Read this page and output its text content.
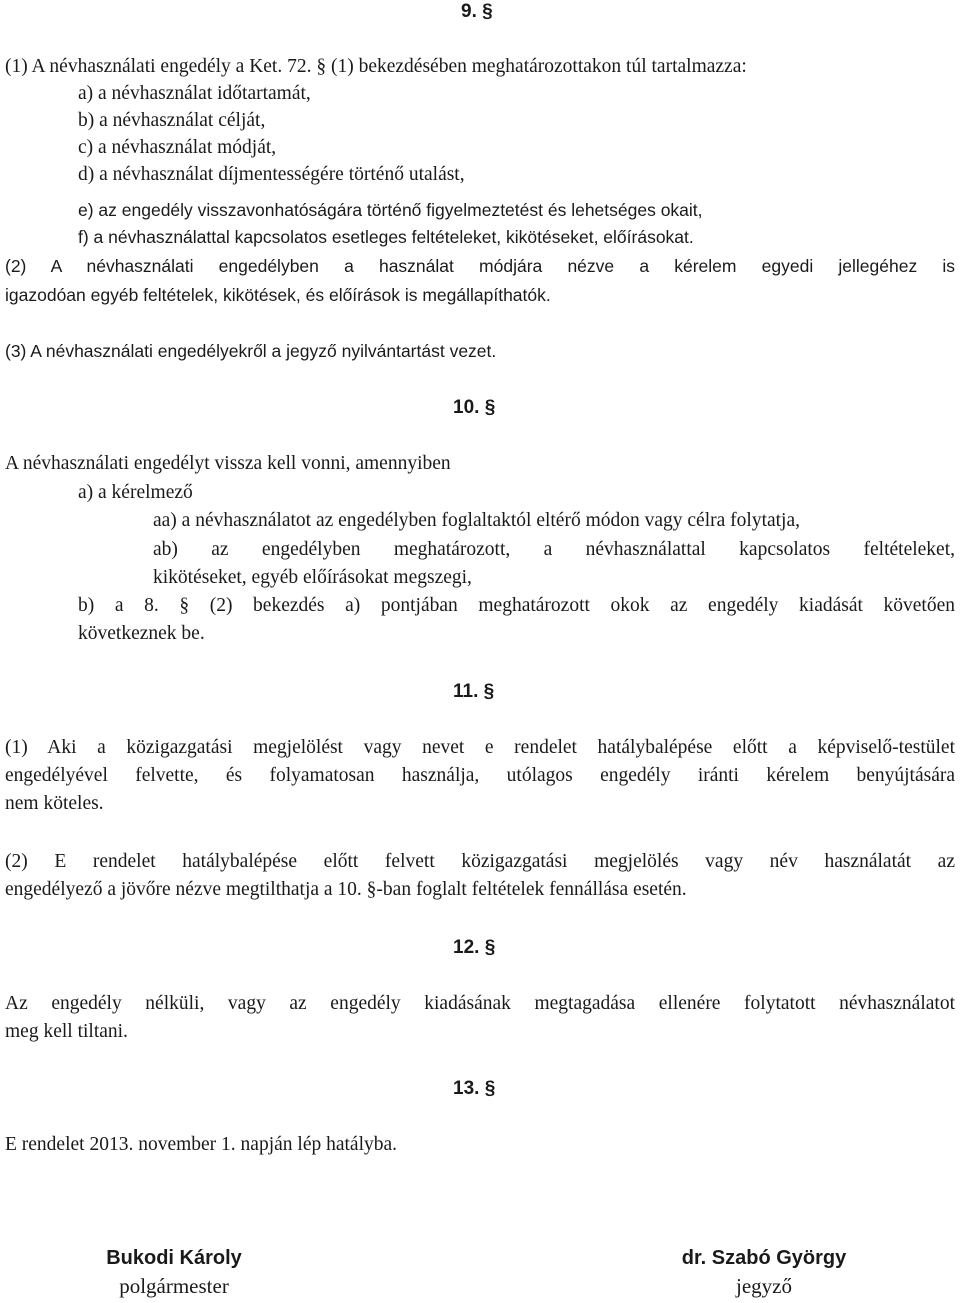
9. §
(1) A névhasználati engedély a Ket. 72. § (1) bekezdésében meghatározottakon túl tartalmazza:
a) a névhasználat időtartamát,
b) a névhasználat célját,
c) a névhasználat módját,
d) a névhasználat díjmentességére történő utalást,
e) az engedély visszavonhatóságára történő figyelmeztetést és lehetséges okait,
f) a névhasználattal kapcsolatos esetleges feltételeket, kikötéseket, előírásokat.
(2) A névhasználati engedélyben a használat módjára nézve a kérelem egyedi jellegéhez is
igazodóan egyéb feltételek, kikötések, és előírások is megállapíthatók.
(3) A névhasználati engedélyekről a jegyző nyilvántartást vezet.
10. §
A névhasználati engedélyt vissza kell vonni, amennyiben
a) a kérelmező
aa) a névhasználatot az engedélyben foglaltaktól eltérő módon vagy célra folytatja,
ab) az engedélyben meghatározott, a névhasználattal kapcsolatos feltételeket,
kikötéseket, egyéb előírásokat megszegi,
b) a 8. § (2) bekezdés a) pontjában meghatározott okok az engedély kiadását követően
következnek be.
11. §
(1) Aki a közigazgatási megjelölést vagy nevet e rendelet hatálybalépése előtt a képviselő-testület
engedélyével felvette, és folyamatosan használja, utólagos engedély iránti kérelem benyújtására
nem köteles.
(2) E rendelet hatálybalépése előtt felvett közigazgatási megjelölés vagy név használatát az
engedélyező a jövőre nézve megtilthatja a 10. §-ban foglalt feltételek fennállása esetén.
12. §
Az engedély nélküli, vagy az engedély kiadásának megtagadása ellenére folytatott névhasználatot
meg kell tiltani.
13. §
E rendelet 2013. november 1. napján lép hatályba.
Bukodi Károly
polgármester
dr. Szabó György
jegyző
